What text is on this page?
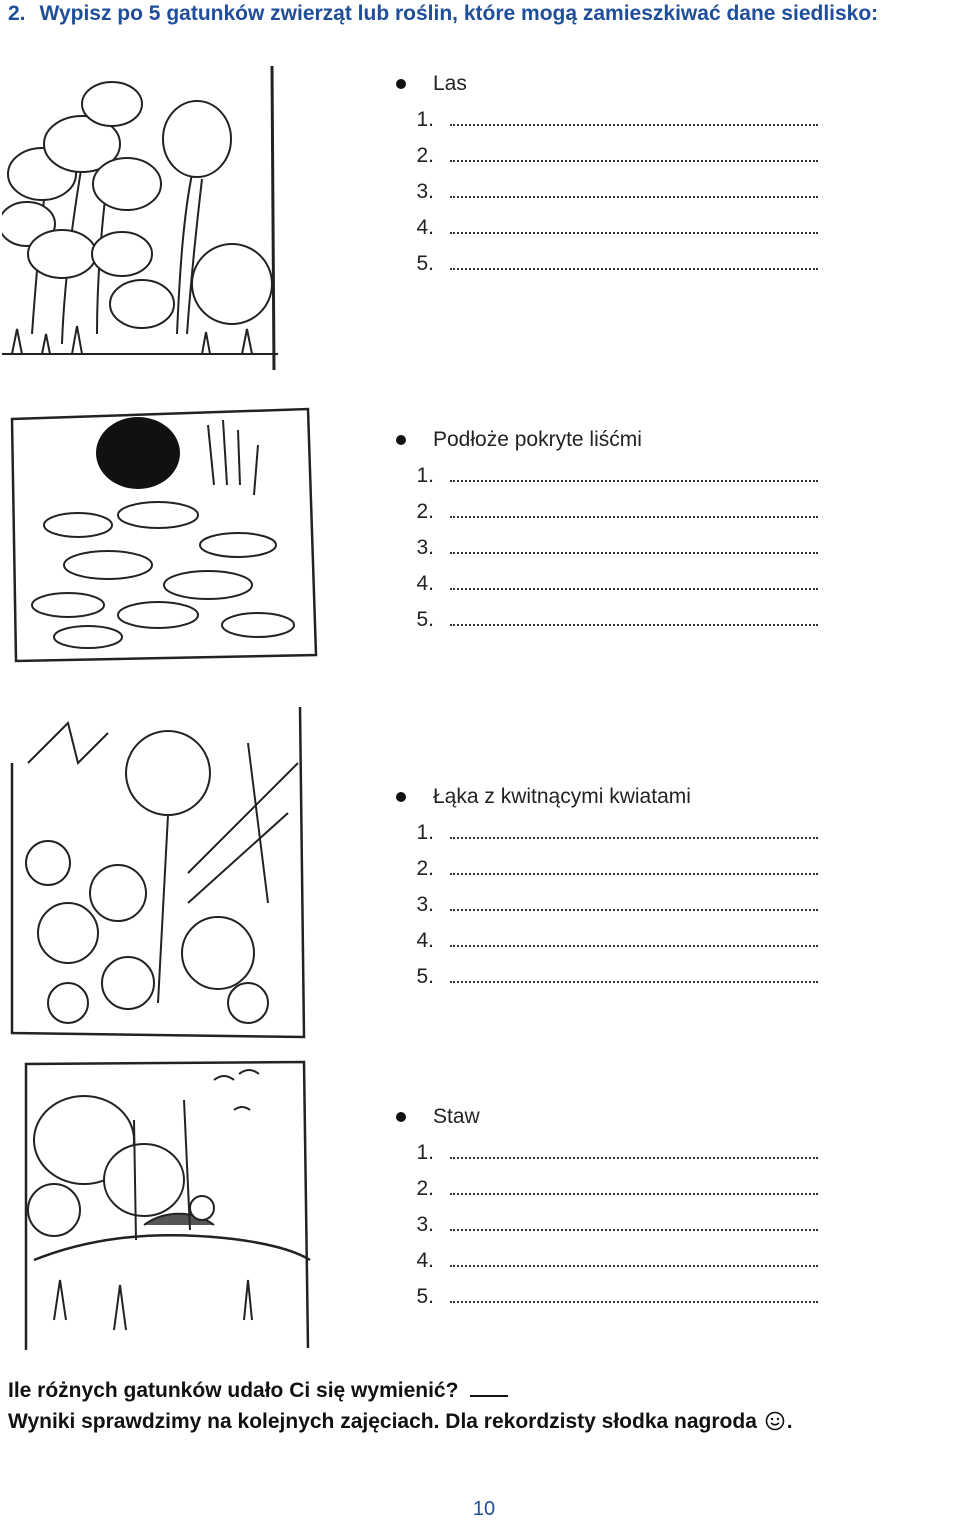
2. Wypisz po 5 gatunków zwierząt lub roślin, które mogą zamieszkiwać dane siedlisko:
Las
1.
2.
3.
4.
5.
Podłoże pokryte liśćmi
1.
2.
3.
4.
5.
Łąka z kwitnącymi kwiatami
1.
2.
3.
4.
5.
Staw
1.
2.
3.
4.
5.
Ile różnych gatunków udało Ci się wymienić?
Wyniki sprawdzimy na kolejnych zajęciach. Dla rekordzisty słodka nagroda .
10
